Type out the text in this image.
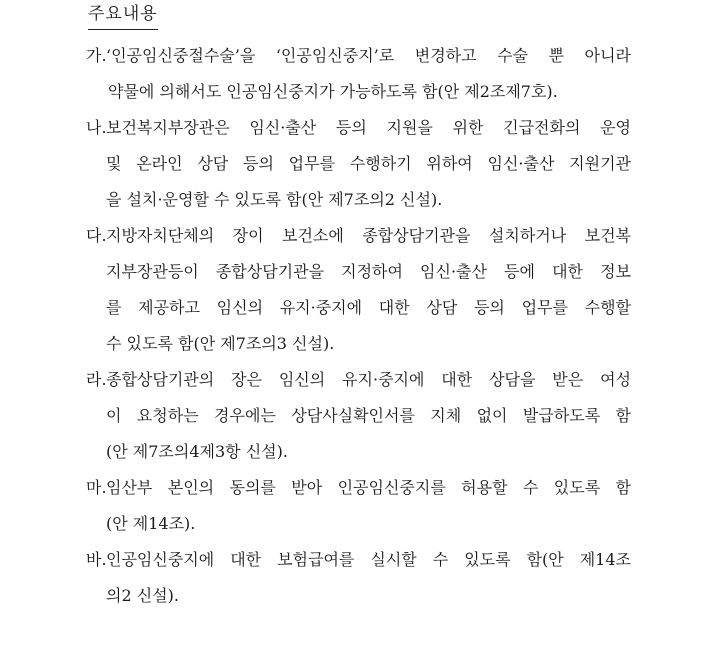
주요내용
가. ‘인공임신중절수술’을 ‘인공임신중지’로 변경하고 수술 뿐 아니라
약물에 의해서도 인공임신중지가 가능하도록 함(안 제2조제7호).
나. 보건복지부장관은 임신·출산 등의 지원을 위한 긴급전화의 운영
및 온라인 상담 등의 업무를 수행하기 위하여 임신·출산 지원기관
을 설치·운영할 수 있도록 함(안 제7조의2 신설).
다. 지방자치단체의 장이 보건소에 종합상담기관을 설치하거나 보건복
지부장관등이 종합상담기관을 지정하여 임신·출산 등에 대한 정보
를 제공하고 임신의 유지·중지에 대한 상담 등의 업무를 수행할
수 있도록 함(안 제7조의3 신설).
라. 종합상담기관의 장은 임신의 유지·중지에 대한 상담을 받은 여성
이 요청하는 경우에는 상담사실확인서를 지체 없이 발급하도록 함
(안 제7조의4제3항 신설).
마. 임산부 본인의 동의를 받아 인공임신중지를 허용할 수 있도록 함
(안 제14조).
바. 인공임신중지에 대한 보험급여를 실시할 수 있도록 함(안 제14조
의2 신설).
